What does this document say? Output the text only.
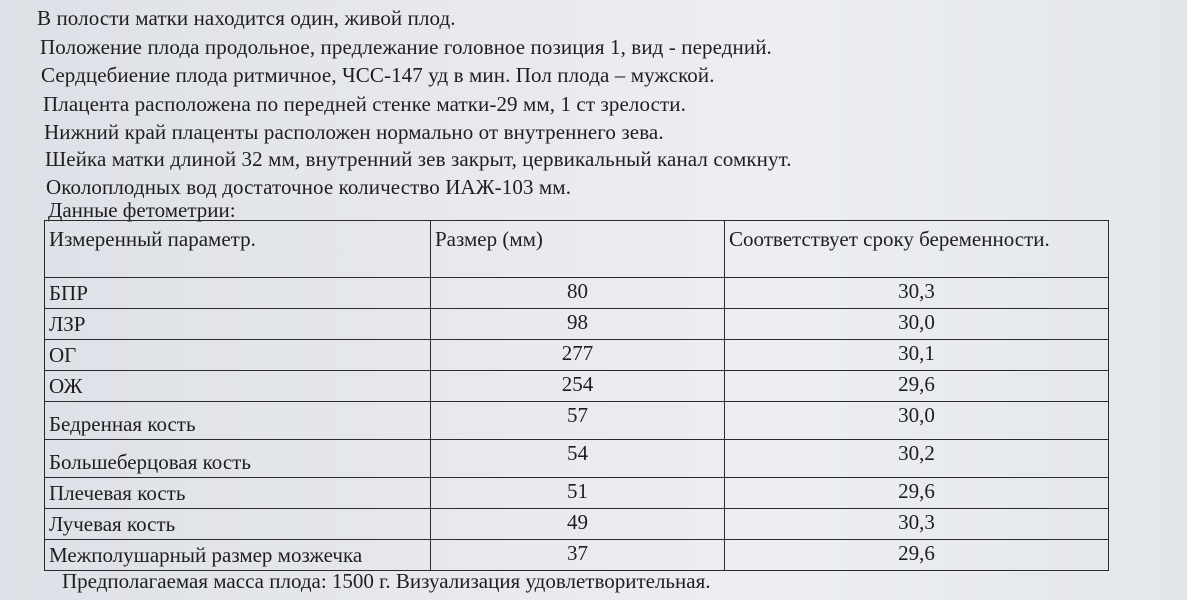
В полости матки находится один, живой плод.
Положение плода продольное, предлежание головное позиция 1, вид - передний.
Сердцебиение плода ритмичное, ЧСС-147 уд в мин. Пол плода – мужской.
Плацента расположена по передней стенке матки-29 мм, 1 ст зрелости.
Нижний край плаценты расположен нормально от внутреннего зева.
Шейка матки длиной 32 мм, внутренний зев закрыт, цервикальный канал сомкнут.
Околоплодных вод достаточное количество ИАЖ-103 мм.
Данные фетометрии:
Измеренный параметр.	Размер (мм)	Соответствует сроку беременности.
БПР	80	30,3
ЛЗР	98	30,0
ОГ	277	30,1
ОЖ	254	29,6
Бедренная кость	57	30,0
Большеберцовая кость	54	30,2
Плечевая кость	51	29,6
Лучевая кость	49	30,3
Межполушарный размер мозжечка	37	29,6
Предполагаемая масса плода: 1500 г. Визуализация удовлетворительная.
